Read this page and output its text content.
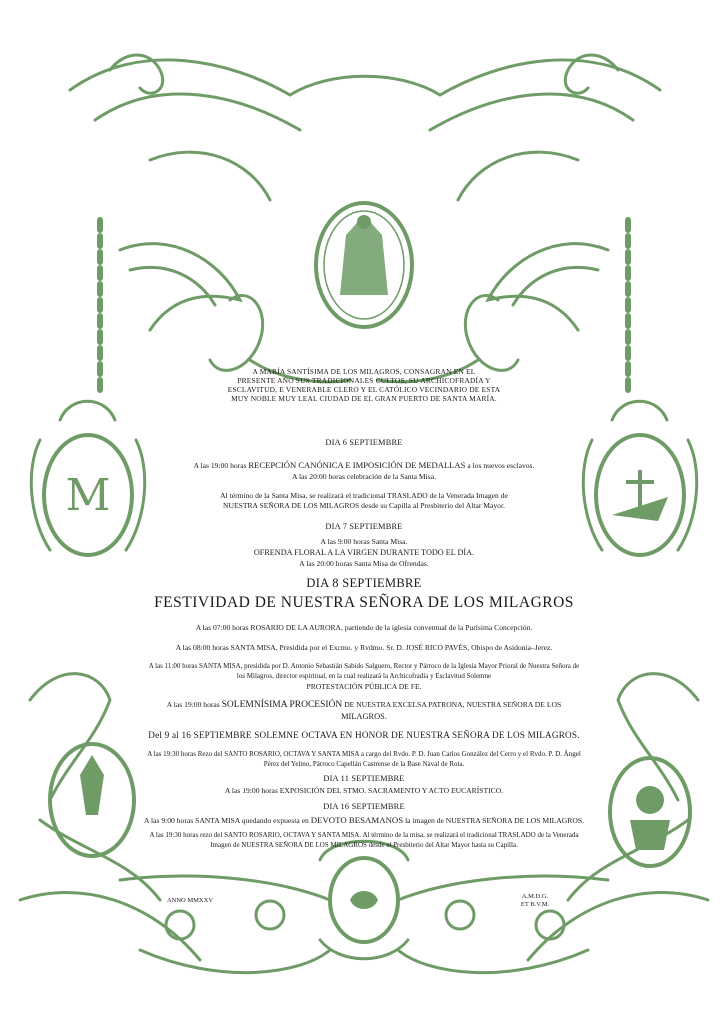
M
A MARÍA SANTÍSIMA DE LOS MILAGROS, CONSAGRAN EN EL
PRESENTE AÑO SUS TRADICIONALES CULTOS, SU ARCHICOFRADÍA Y
ESCLAVITUD, E VENERABLE CLERO Y EL CATÓLICO VECINDARIO DE ESTA
MUY NOBLE MUY LEAL CIUDAD DE EL GRAN PUERTO DE SANTA MARÍA.
DIA 6 SEPTIEMBRE
A las 19:00 horas RECEPCIÓN CANÓNICA E IMPOSICIÓN DE MEDALLAS a los nuevos esclavos.
A las 20:00 horas celebración de la Santa Misa.
Al término de la Santa Misa, se realizará el tradicional TRASLADO de la Venerada Imagen de
NUESTRA SEÑORA DE LOS MILAGROS desde su Capilla al Presbiterio del Altar Mayor.
DIA 7 SEPTIEMBRE
A las 9:00 horas Santa Misa.
OFRENDA FLORAL A LA VIRGEN DURANTE TODO EL DÍA.
A las 20:00 horas Santa Misa de Ofrendas.
DIA 8 SEPTIEMBRE
FESTIVIDAD DE NUESTRA SEÑORA DE LOS MILAGROS
A las 07:00 horas ROSARIO DE LA AURORA, partiendo de la iglesia conventual de la Purísima Concepción.
A las 08:00 horas SANTA MISA, Presidida por el Excmo. y Rvdmo. Sr. D. JOSÉ RICO PAVÉS, Obispo de Asidonia–Jerez.
A las 11:00 horas SANTA MISA, presidida por D. Antonio Sebastián Sabido Salguero, Rector y Párroco de la Iglesia Mayor Prioral de Nuestra Señora de
los Milagros, director espiritual, en la cual realizará la Archicofradía y Esclavitud Solemne
PROTESTACIÓN PÚBLICA DE FE.
A las 19:00 horas SOLEMNÍSIMA PROCESIÓN DE NUESTRA EXCELSA PATRONA, NUESTRA SEÑORA DE LOS
MILAGROS.
Del 9 al 16 SEPTIEMBRE SOLEMNE OCTAVA EN HONOR DE NUESTRA SEÑORA DE LOS MILAGROS.
A las 19:30 horas Rezo del SANTO ROSARIO, OCTAVA Y SANTA MISA a cargo del Rvdo. P. D. Juan Carlos González del Cerro y el Rvdo. P. D. Ángel
Pérez del Yelmo, Párroco Capellán Castrense de la Base Naval de Rota.
DIA 11 SEPTIEMBRE
A las 19:00 horas EXPOSICIÓN DEL STMO. SACRAMENTO Y ACTO EUCARÍSTICO.
DIA 16 SEPTIEMBRE
A las 9:00 horas SANTA MISA quedando expuesta en DEVOTO BESAMANOS la imagen de NUESTRA SEÑORA DE LOS MILAGROS.
A las 19:30 horas rezo del SANTO ROSARIO, OCTAVA Y SANTA MISA. Al término de la misa, se realizará el tradicional TRASLADO de la Venerada
Imagen de NUESTRA SEÑORA DE LOS MILAGROS desde el Presbiterio del Altar Mayor hasta su Capilla.
ANNO MMXXV
A.M.D.G.
ET B.V.M.
